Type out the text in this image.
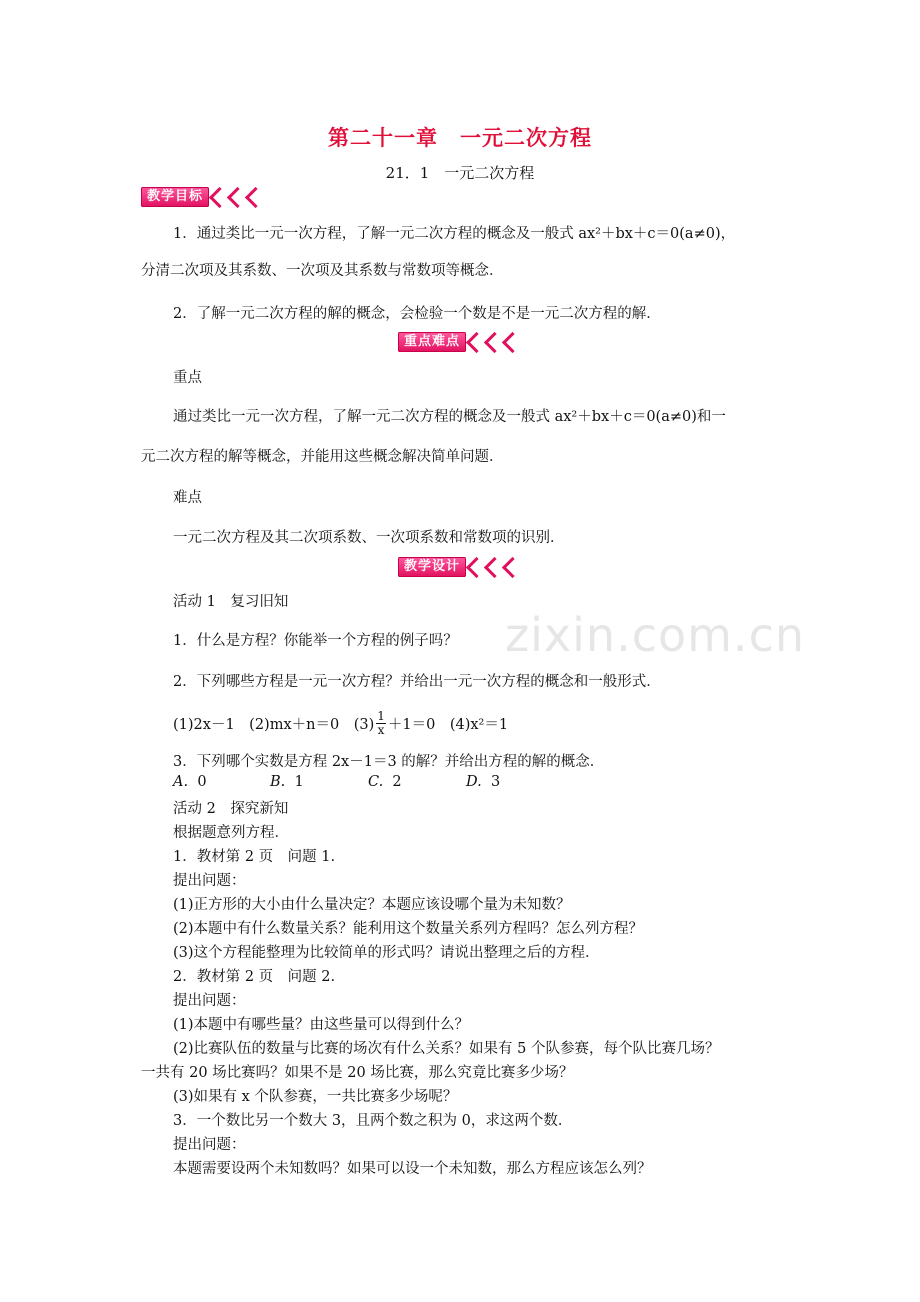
zixin.com.cn
第二十一章　一元二次方程
21．1　一元二次方程
教学目标
1．通过类比一元一次方程，了解一元二次方程的概念及一般式 ax²＋bx＋c＝0(a≠0)，
分清二次项及其系数、一次项及其系数与常数项等概念．
2．了解一元二次方程的解的概念，会检验一个数是不是一元二次方程的解．
重点难点
重点
通过类比一元一次方程，了解一元二次方程的概念及一般式 ax²＋bx＋c＝0(a≠0)和一
元二次方程的解等概念，并能用这些概念解决简单问题．
难点
一元二次方程及其二次项系数、一次项系数和常数项的识别．
教学设计
活动 1　复习旧知
1．什么是方程？你能举一个方程的例子吗？
2．下列哪些方程是一元一次方程？并给出一元一次方程的概念和一般形式．
(1)2x－1　(2)mx＋n＝0　$(3) \frac{1}{x} +1=0$　(4)x²＝1
3．下列哪个实数是方程 2x－1＝3 的解？并给出方程的解的概念．
A. 0	B. 1	C. 2	D. 3
活动 2　探究新知
根据题意列方程．
1．教材第 2 页　问题 1.
提出问题：
(1)正方形的大小由什么量决定？本题应该设哪个量为未知数？
(2)本题中有什么数量关系？能利用这个数量关系列方程吗？怎么列方程？
(3)这个方程能整理为比较简单的形式吗？请说出整理之后的方程．
2．教材第 2 页　问题 2.
提出问题：
(1)本题中有哪些量？由这些量可以得到什么？
(2)比赛队伍的数量与比赛的场次有什么关系？如果有 5 个队参赛，每个队比赛几场？
一共有 20 场比赛吗？如果不是 20 场比赛，那么究竟比赛多少场？
(3)如果有 x 个队参赛，一共比赛多少场呢？
3．一个数比另一个数大 3，且两个数之积为 0，求这两个数．
提出问题：
本题需要设两个未知数吗？如果可以设一个未知数，那么方程应该怎么列？
